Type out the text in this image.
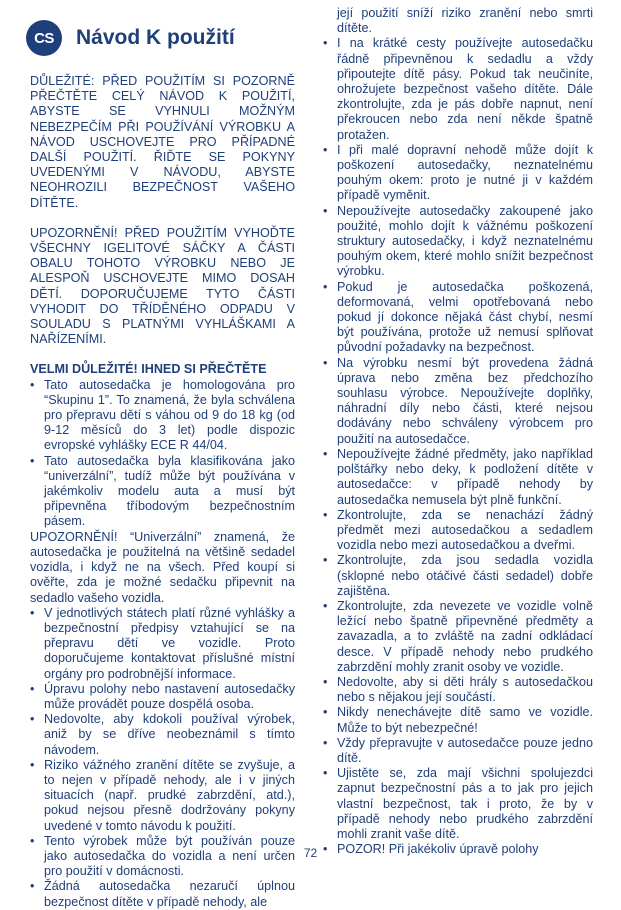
CS	Návod K použití

DŮLEŽITÉ: PŘED POUŽITÍM SI POZORNĚ PŘEČTĚTE CELÝ NÁVOD K POUŽITÍ, ABYSTE SE VYHNULI MOŽNÝM NEBEZPEČÍM PŘI POUŽÍVÁNÍ VÝROBKU A NÁVOD USCHOVEJTE PRO PŘÍPADNÉ DALŠÍ POUŽITÍ. ŘIĎTE SE POKYNY UVEDENÝMI V NÁVODU, ABYSTE NEOHROZILI BEZPEČNOST VAŠEHO DÍTĚTE.

UPOZORNĚNÍ! PŘED POUŽITÍM VYHOĎTE VŠECHNY IGELITOVÉ SÁČKY A ČÁSTI OBALU TOHOTO VÝROBKU NEBO JE ALESPOŇ USCHOVEJTE MIMO DOSAH DĚTÍ. DOPORUČUJEME TYTO ČÁSTI VYHODIT DO TŘÍDĚNÉHO ODPADU V SOULADU S PLATNÝMI VYHLÁŠKAMI A NAŘÍZENÍMI.

VELMI DŮLEŽITÉ! IHNED SI PŘEČTĚTE

• Tato autosedačka je homologována pro “Skupinu 1”. To znamená, že byla schválena pro přepravu dětí s váhou od 9 do 18 kg (od 9-12 měsíců do 3 let) podle dispozic evropské vyhlášky ECE R 44/04.
• Tato autosedačka byla klasifikována jako “univerzální”, tudíž může být používána v jakémkoliv modelu auta a musí být připevněna tříbodovým bezpečnostním pásem.

UPOZORNĚNÍ! “Univerzální” znamená, že autosedačka je použitelná na většině sedadel vozidla, i když ne na všech. Před koupí si ověřte, zda je možné sedačku připevnit na sedadlo vašeho vozidla.

• V jednotlivých státech platí různé vyhlášky a bezpečnostní předpisy vztahující se na přepravu dětí ve vozidle. Proto doporučujeme kontaktovat příslušné místní orgány pro podrobnější informace.
• Úpravu polohy nebo nastavení autosedačky může provádět pouze dospělá osoba.
• Nedovolte, aby kdokoli používal výrobek, aniž by se dříve neobeznámil s tímto návodem.
• Riziko vážného zranění dítěte se zvyšuje, a to nejen v případě nehody, ale i v jiných situacích (např. prudké zabrzdění, atd.), pokud nejsou přesně dodržovány pokyny uvedené v tomto návodu k použití.
• Tento výrobek může být používán pouze jako autosedačka do vozidla a není určen pro použití v domácnosti.
• Žádná autosedačka nezaručí úplnou bezpečnost dítěte v případě nehody, ale

její použití sníží riziko zranění nebo smrti dítěte.

• I na krátké cesty používejte autosedačku řádně připevněnou k sedadlu a vždy připoutejte dítě pásy. Pokud tak neučiníte, ohrožujete bezpečnost vašeho dítěte. Dále zkontrolujte, zda je pás dobře napnut, není překroucen nebo zda není někde špatně protažen.
• I při malé dopravní nehodě může dojít k poškození autosedačky, neznatelnému pouhým okem: proto je nutné ji v každém případě vyměnit.
• Nepoužívejte autosedačky zakoupené jako použité, mohlo dojít k vážnému poškození struktury autosedačky, i když neznatelnému pouhým okem, které mohlo snížit bezpečnost výrobku.
• Pokud je autosedačka poškozená, deformovaná, velmi opotřebovaná nebo pokud jí dokonce nějaká část chybí, nesmí být používána, protože už nemusí splňovat původní požadavky na bezpečnost.
• Na výrobku nesmí být provedena žádná úprava nebo změna bez předchozího souhlasu výrobce. Nepoužívejte doplňky, náhradní díly nebo části, které nejsou dodávány nebo schváleny výrobcem pro použití na autosedačce.
• Nepoužívejte žádné předměty, jako například polštářky nebo deky, k podložení dítěte v autosedačce: v případě nehody by autosedačka nemusela být plně funkční.
• Zkontrolujte, zda se nenachází žádný předmět mezi autosedačkou a sedadlem vozidla nebo mezi autosedačkou a dveřmi.
• Zkontrolujte, zda jsou sedadla vozidla (sklopné nebo otáčivé části sedadel) dobře zajištěna.
• Zkontrolujte, zda nevezete ve vozidle volně ležící nebo špatně připevněné předměty a zavazadla, a to zvláště na zadní odkládací desce. V případě nehody nebo prudkého zabrzdění mohly zranit osoby ve vozidle.
• Nedovolte, aby si děti hrály s autosedačkou nebo s nějakou její součástí.
• Nikdy nenechávejte dítě samo ve vozidle. Může to být nebezpečné!
• Vždy přepravujte v autosedačce pouze jedno dítě.
• Ujistěte se, zda mají všichni spolujezdci zapnut bezpečnostní pás a to jak pro jejich vlastní bezpečnost, tak i proto, že by v případě nehody nebo prudkého zabrzdění mohli zranit vaše dítě.
• POZOR! Při jakékoliv úpravě polohy
72
